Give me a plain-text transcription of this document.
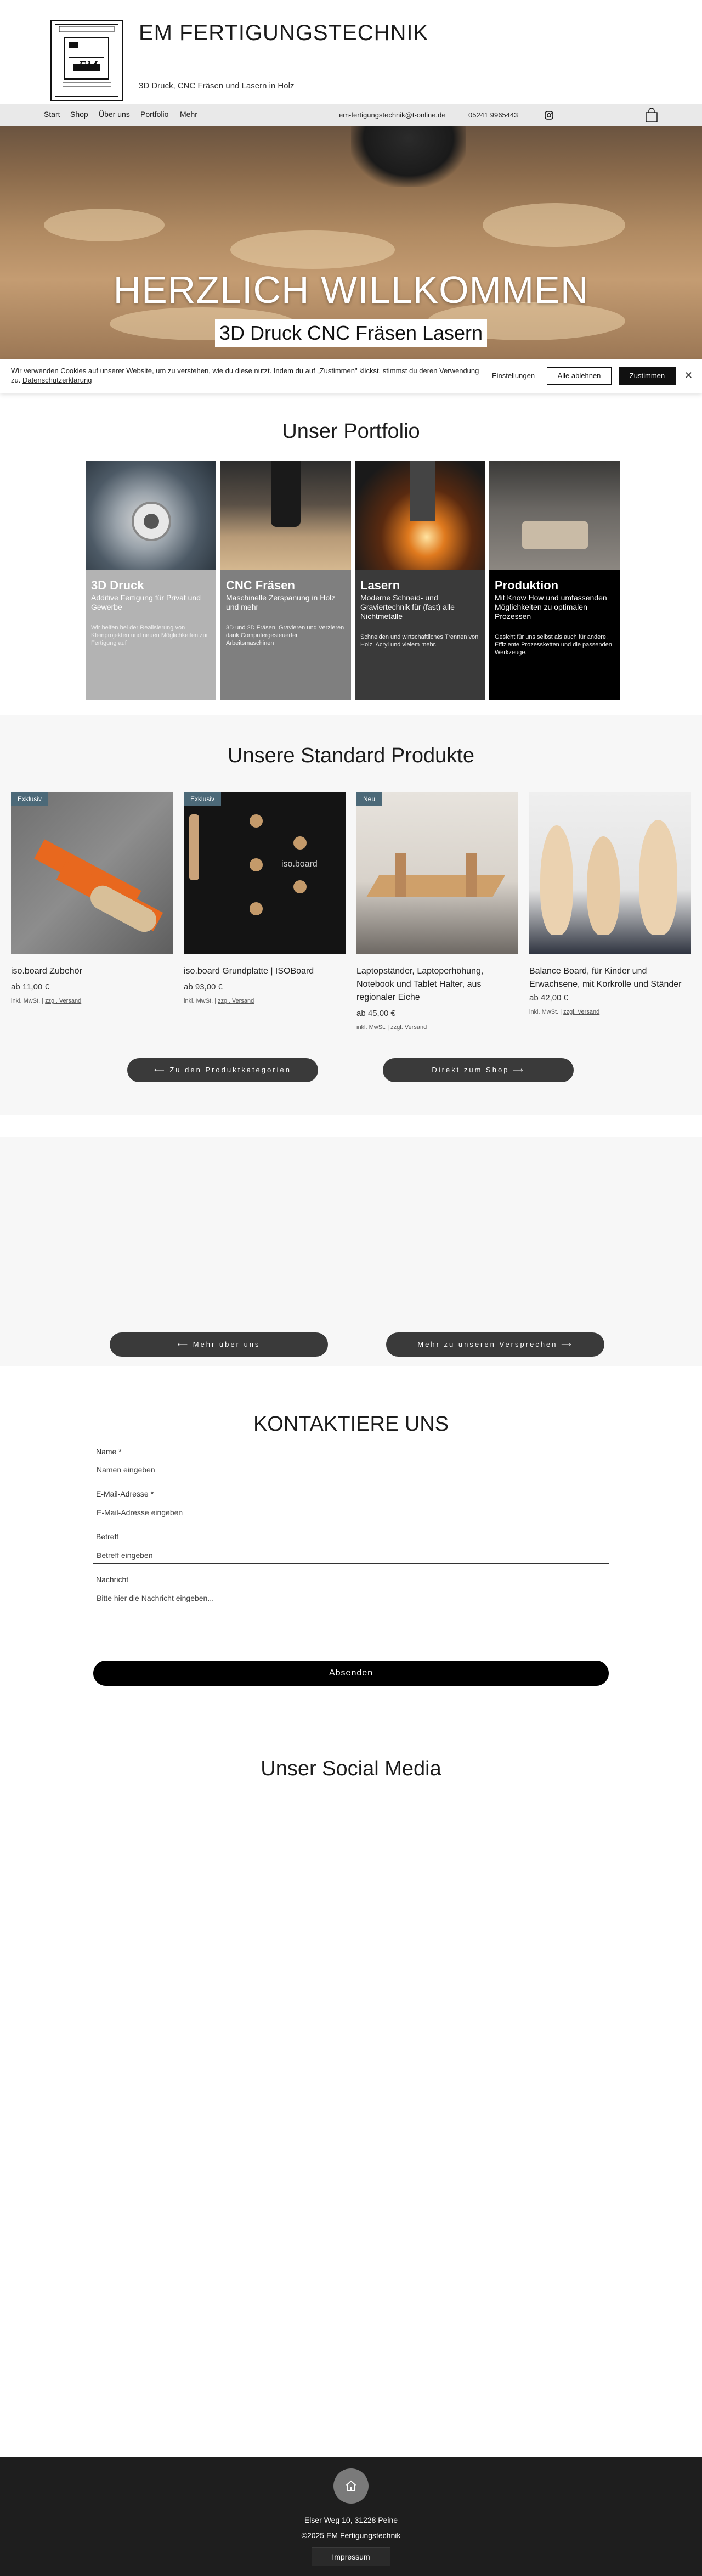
EM
EM FERTIGUNGSTECHNIK
3D Druck, CNC Fräsen und Lasern in Holz
Start Shop Über uns Portfolio Mehr	em-fertigungstechnik@t-online.de	05241 9965443
HERZLICH WILLKOMMEN
3D Druck CNC Fräsen Lasern
Wir verwenden Cookies auf unserer Website, um zu verstehen, wie du diese nutzt. Indem du auf „Zustimmen" klickst, stimmst du deren Verwendung zu. Datenschutzerklärung
Einstellungen	Alle ablehnen	Zustimmen	✕
Unser Portfolio
3D Druck
Additive Fertigung für Privat und Gewerbe
Wir helfen bei der Realisierung von Kleinprojekten und neuen Möglichkeiten zur Fertigung auf
CNC Fräsen
Maschinelle Zerspanung in Holz und mehr
3D und 2D Fräsen, Gravieren und Verzieren dank Computergesteuerter Arbeitsmaschinen
Lasern
Moderne Schneid- und Graviertechnik für (fast) alle Nichtmetalle
Schneiden und wirtschaftliches Trennen von Holz, Acryl und vielem mehr.
Produktion
Mit Know How und umfassenden Möglichkeiten zu optimalen Prozessen
Gesicht für uns selbst als auch für andere. Effiziente Prozessketten und die passenden Werkzeuge.
Unsere Standard Produkte
Exklusiv
iso.board Zubehör
ab 11,00 €
inkl. MwSt. | zzgl. Versand
iso.board
Exklusiv
iso.board Grundplatte | ISOBoard
ab 93,00 €
inkl. MwSt. | zzgl. Versand
Neu
Laptopständer, Laptoperhöhung, Notebook und Tablet Halter, aus regionaler Eiche
ab 45,00 €
inkl. MwSt. | zzgl. Versand
Balance Board, für Kinder und Erwachsene, mit Korkrolle und Ständer
ab 42,00 €
inkl. MwSt. | zzgl. Versand
⟵ Zu den Produktkategorien	Direkt zum Shop ⟶
⟵ Mehr über uns	Mehr zu unseren Versprechen ⟶
KONTAKTIERE UNS
Name *
Namen eingeben
E-Mail-Adresse *
E-Mail-Adresse eingeben
Betreff
Betreff eingeben
Nachricht
Bitte hier die Nachricht eingeben...
Absenden
Unser Social Media
Elser Weg 10, 31228 Peine
©2025 EM Fertigungstechnik
Impressum
